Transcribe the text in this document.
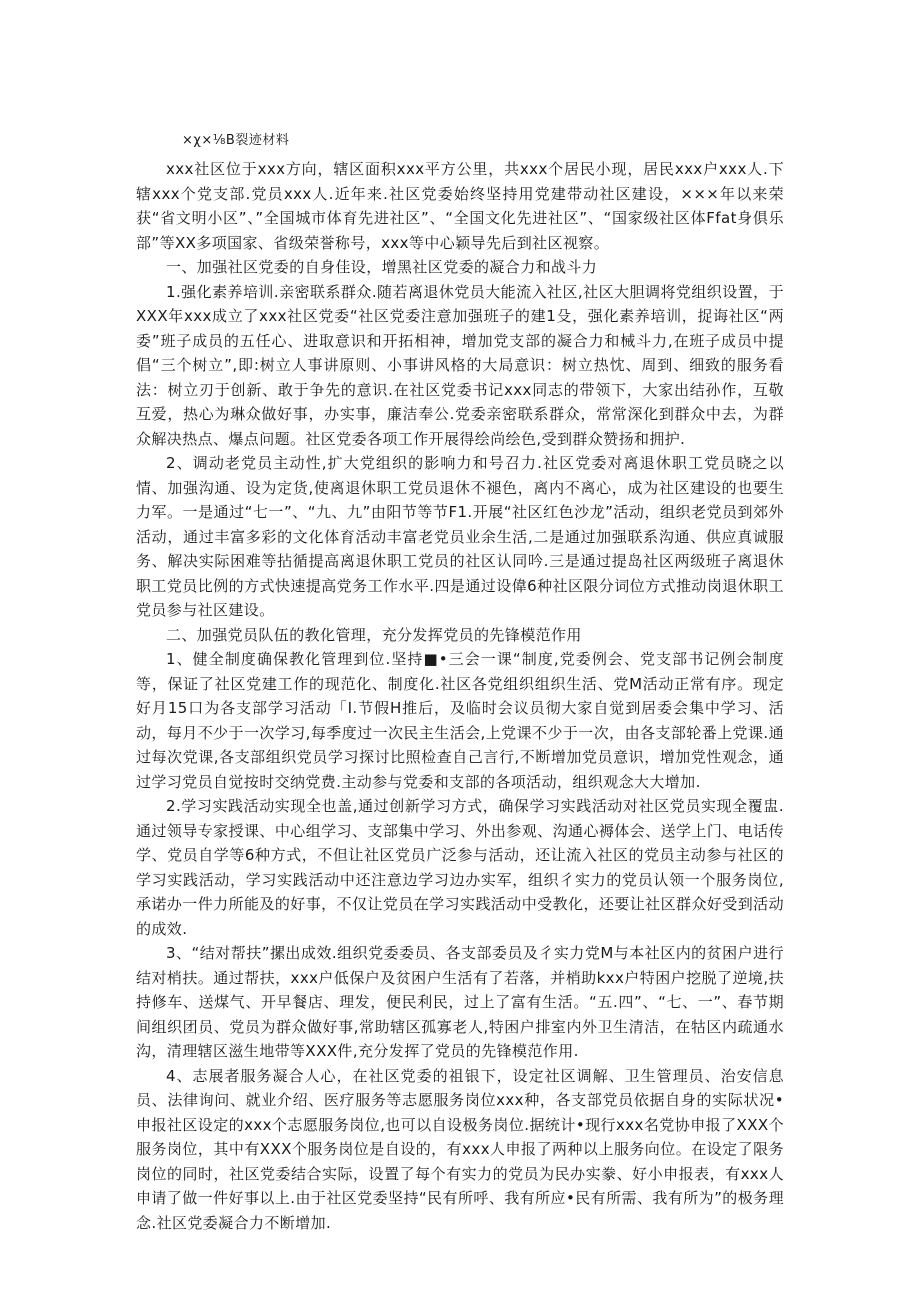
×χ×⅛B裂迹材料

xxx社区位于xxx方向，辖区面积xxx平方公里，共xxx个居民小现，居民xxx户xxx人.下辖xxx个党支部.党员xxx人.近年来.社区党委始终坚持用党建带动社区建设，×××年以来荣获“省文明小区”、”全国城市体育先进社区”、“全国文化先进社区”、“国家级社区体Ffat身俱乐部”等XX多项国家、省级荣誉称号，xxx等中心颖导先后到社区视察。

一、加强社区党委的自身佳设，增黑社区党委的凝合力和战斗力

1.强化素养培训.亲密联系群众.随若离退休党员大能流入社区,社区大胆调将党组织设置，于XXX年xxx成立了xxx社区党委“社区党委注意加强班子的建1殳，强化素养培训，捉诲社区“两委”班子成员的五任心、进取意识和开拓相神，增加党支部的凝合力和械斗力,在班子成员中提倡“三个树立”,即:树立人事讲原则、小事讲风格的大局意识：树立热忱、周到、细致的服务看法：树立刃于创新、敢于争先的意识.在社区党委书记xxx同志的带领下，大家出结孙作，互敬互爱，热心为琳众做好事，办实事，廉洁奉公.党委亲密联系群众，常常深化到群众中去，为群众解决热点、爆点问题。社区党委各项工作开展得绘尚绘色,受到群众赞扬和拥护.

2、调动老党员主动性,扩大党组织的影响力和号召力.社区党委对离退休职工党员晓之以情、加强沟通、设为定货,使离退休职工党员退休不褪色，离内不离心，成为社区建设的也要生力军。一是通过“七一”、“九、九”由阳节等节F1.开展“社区红色沙龙”活动，组织老党员到郊外活动，通过丰富多彩的文化体育活动丰富老党员业余生活,二是通过加强联系沟通、供应真诚服务、解决实际困难等拈循提高离退休职工党员的社区认同吟.三是通过提岛社区两级班子离退休职工党员比例的方式快速提高党务工作水平.四是通过设偉6种社区限分词位方式推动岗退休职工党员参与社区建设。

二、加强党员队伍的教化管理，充分发挥党员的先锋模范作用

1、健全制度确保教化管理到位.坚持■•三会一课“制度,党委例会、党支部书记例会制度等，保证了社区党建工作的现范化、制度化.社区各党组织组织生活、党M活动正常有序。现定好月15口为各支部学习活动「I.节假H推后，及临时会议员彻大家自觉到居委会集中学习、活动，每月不少于一次学习,每季度过一次民主生活会,上党课不少于一次，由各支部轮番上党课.通过每次党课,各支部组织党员学习探讨比照检查自己言行,不断增加党员意识，增加党性观念，通过学习党员自觉按时交纳党费.主动参与党委和支部的各项活动，组织观念大大增加.

2.学习实践活动实现全也盖,通过创新学习方式，确保学习实践活动对社区党员实现全覆盅.通过领导专家授课、中心组学习、支部集中学习、外出参观、沟通心褥体会、送学上门、电话传学、党员自学等6种方式，不但让社区党员广泛参与活动，还让流入社区的党员主动参与社区的学习实践活动，学习实践活动中还注意边学习边办实军，组织彳实力的党员认领一个服务岗位,承诺办一件力所能及的好事，不仅让党员在学习实践活动中受教化，还要让社区群众好受到活动的成效.

3、“结对帮扶”摞出成效.组织党委委员、各支部委员及彳实力党M与本社区内的贫困户进行结对梢扶。通过帮扶，xxx户低保户及贫困户生活有了若落，并梢助kxx户特困户挖脱了逆境,扶持修车、送煤气、开早餐店、理发，便民利民，过上了富有生活。“五.四”、“七、一”、春节期间组织团员、党员为群众做好事,常助辖区孤寡老人,特困户排室内外卫生清洁，在牯区内疏通水沟，清理辖区滋生地带等XXX件,充分发挥了党员的先锋模范作用.

4、志展者服务凝合人心，在社区党委的祖银下，设定社区调解、卫生管理员、治安信息员、法律询问、就业介绍、医疗服务等志愿服务岗位xxx种，各支部党员依据自身的实际状况•申报社区设定的xxx个志愿服务岗位,也可以自设极务岗位.据统计•现行xxx名党协申报了XXX个服务岗位，其中有XXX个服务岗位是自设的，有xxx人申报了两种以上服务向位。在设定了限务岗位的同时，社区党委结合实际，设置了每个有实力的党员为民办实豢、好小申报表，有xxx人申请了做一件好事以上.由于社区党委坚持“民有所呼、我有所应•民有所需、我有所为”的极务理念.社区党委凝合力不断增加.
